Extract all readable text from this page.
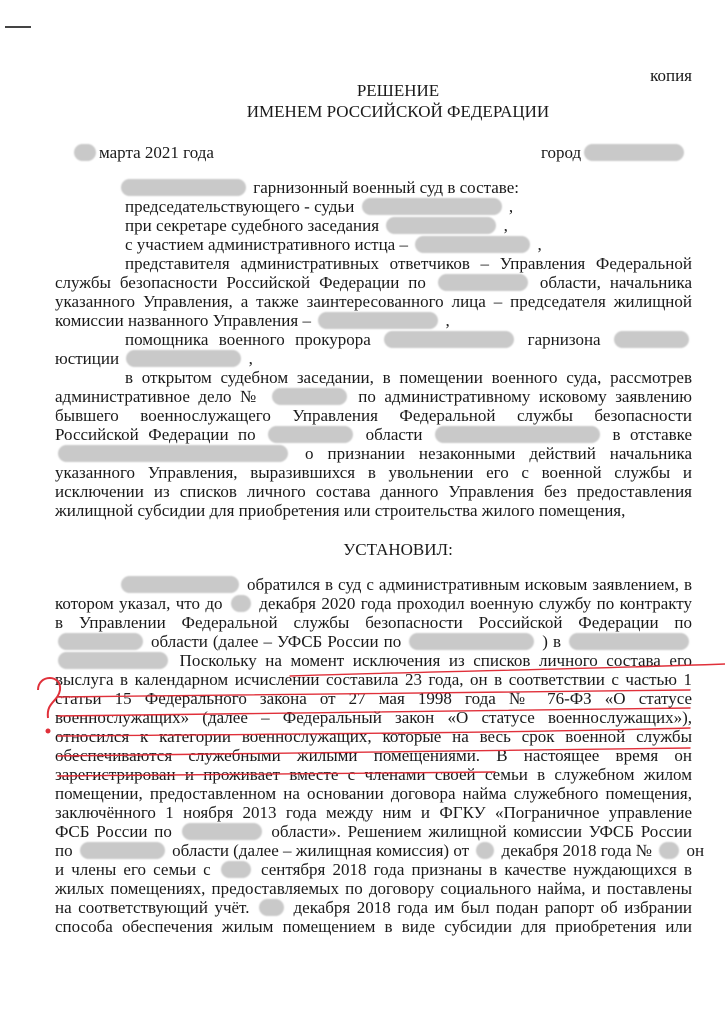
копия
РЕШЕНИЕ
ИМЕНЕМ РОССИЙСКОЙ ФЕДЕРАЦИИ
марта 2021 года	город
гарнизонный военный суд в составе:
председательствующего - судьи	,
при секретаре судебного заседания	,
с участием административного истца –	,
представителя административных ответчиков – Управления Федеральной
службы безопасности Российской Федерации по	области, начальника
указанного Управления, а также заинтересованного лица – председателя жилищной
комиссии названного Управления –	,
помощника военного прокурора	гарнизона
юстиции	,
в открытом судебном заседании, в помещении военного суда, рассмотрев
административное дело №	по административному исковому заявлению
бывшего военнослужащего Управления Федеральной службы безопасности
Российской Федерации по	области	в отставке
о признании незаконными действий начальника
указанного Управления, выразившихся в увольнении его с военной службы и
исключении из списков личного состава данного Управления без предоставления
жилищной субсидии для приобретения или строительства жилого помещения,
УСТАНОВИЛ:
обратился в суд с административным исковым заявлением, в
котором указал, что до декабря 2020 года проходил военную службу по контракту
в Управлении Федеральной службы безопасности Российской Федерации по
области (далее – УФСБ России по	) в
Поскольку на момент исключения из списков личного состава его
выслуга в календарном исчислении составила 23 года, он в соответствии с частью 1
статьи 15 Федерального закона от 27 мая 1998 года № 76-ФЗ «О статусе
военнослужащих» (далее – Федеральный закон «О статусе военнослужащих»),
относился к категории военнослужащих, которые на весь срок военной службы
обеспечиваются служебными жилыми помещениями. В настоящее время он
зарегистрирован и проживает вместе с членами своей семьи в служебном жилом
помещении, предоставленном на основании договора найма служебного помещения,
заключённого 1 ноября 2013 года между ним и ФГКУ «Пограничное управление
ФСБ России по	области». Решением жилищной комиссии УФСБ России
по	области (далее – жилищная комиссия) от декабря 2018 года № он
и члены его семьи с	сентября 2018 года признаны в качестве нуждающихся в
жилых помещениях, предоставляемых по договору социального найма, и поставлены
на соответствующий учёт.	декабря 2018 года им был подан рапорт об избрании
способа обеспечения жилым помещением в виде субсидии для приобретения или
